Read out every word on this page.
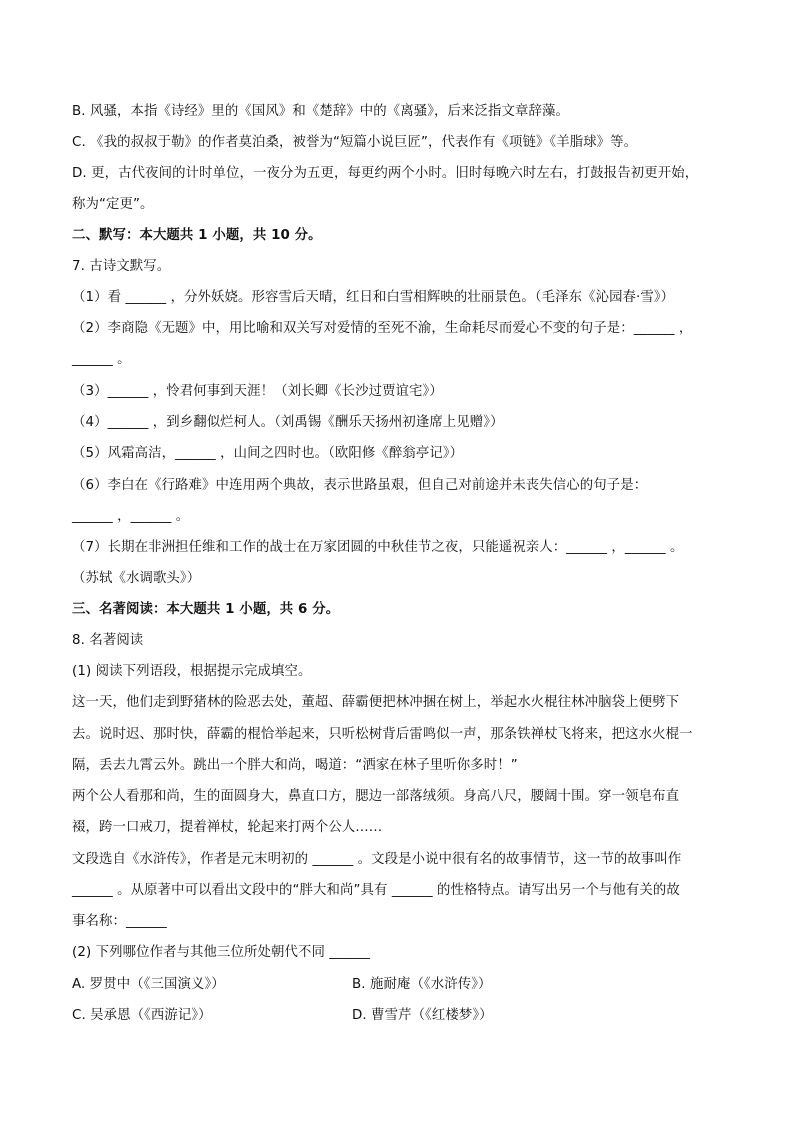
B. 风骚，本指《诗经》里的《国风》和《楚辞》中的《离骚》，后来泛指文章辞藻。
C. 《我的叔叔于勒》的作者莫泊桑，被誉为“短篇小说巨匠”，代表作有《项链》《羊脂球》等。
D. 更，古代夜间的计时单位，一夜分为五更，每更约两个小时。旧时每晚六时左右，打鼓报告初更开始，
称为“定更”。
二、默写：本大题共 1 小题，共 10 分。
7. 古诗文默写。
（1）看 ______ ，分外妖娆。形容雪后天晴，红日和白雪相辉映的壮丽景色。（毛泽东《沁园春·雪》）
（2）李商隐《无题》中，用比喻和双关写对爱情的至死不渝，生命耗尽而爱心不变的句子是：______ ，
______ 。
（3）______ ，怜君何事到天涯！（刘长卿《长沙过贾谊宅》）
（4）______ ，到乡翻似烂柯人。（刘禹锡《酬乐天扬州初逢席上见赠》）
（5）风霜高洁，______ ，山间之四时也。（欧阳修《醉翁亭记》）
（6）李白在《行路难》中连用两个典故，表示世路虽艰，但自己对前途并未丧失信心的句子是：
______ ，______ 。
（7）长期在非洲担任维和工作的战士在万家团圆的中秋佳节之夜，只能遥祝亲人：______ ，______ 。
（苏轼《水调歌头》）
三、名著阅读：本大题共 1 小题，共 6 分。
8. 名著阅读
(1) 阅读下列语段，根据提示完成填空。
这一天，他们走到野猪林的险恶去处，董超、薛霸便把林冲捆在树上，举起水火棍往林冲脑袋上便劈下
去。说时迟、那时快，薛霸的棍恰举起来，只听松树背后雷鸣似一声，那条铁禅杖飞将来，把这水火棍一
隔，丢去九霄云外。跳出一个胖大和尚，喝道：“洒家在林子里听你多时！”
两个公人看那和尚，生的面圆身大，鼻直口方，腮边一部落绒须。身高八尺，腰阔十围。穿一领皂布直
裰，跨一口戒刀，提着禅杖，轮起来打两个公人……
文段选自《水浒传》，作者是元末明初的 ______ 。文段是小说中很有名的故事情节，这一节的故事叫作
______ 。从原著中可以看出文段中的“胖大和尚”具有 ______ 的性格特点。请写出另一个与他有关的故
事名称：______
(2) 下列哪位作者与其他三位所处朝代不同 ______
A. 罗贯中（《三国演义》）	B. 施耐庵（《水浒传》）
C. 吴承恩（《西游记》）	D. 曹雪芹（《红楼梦》）
